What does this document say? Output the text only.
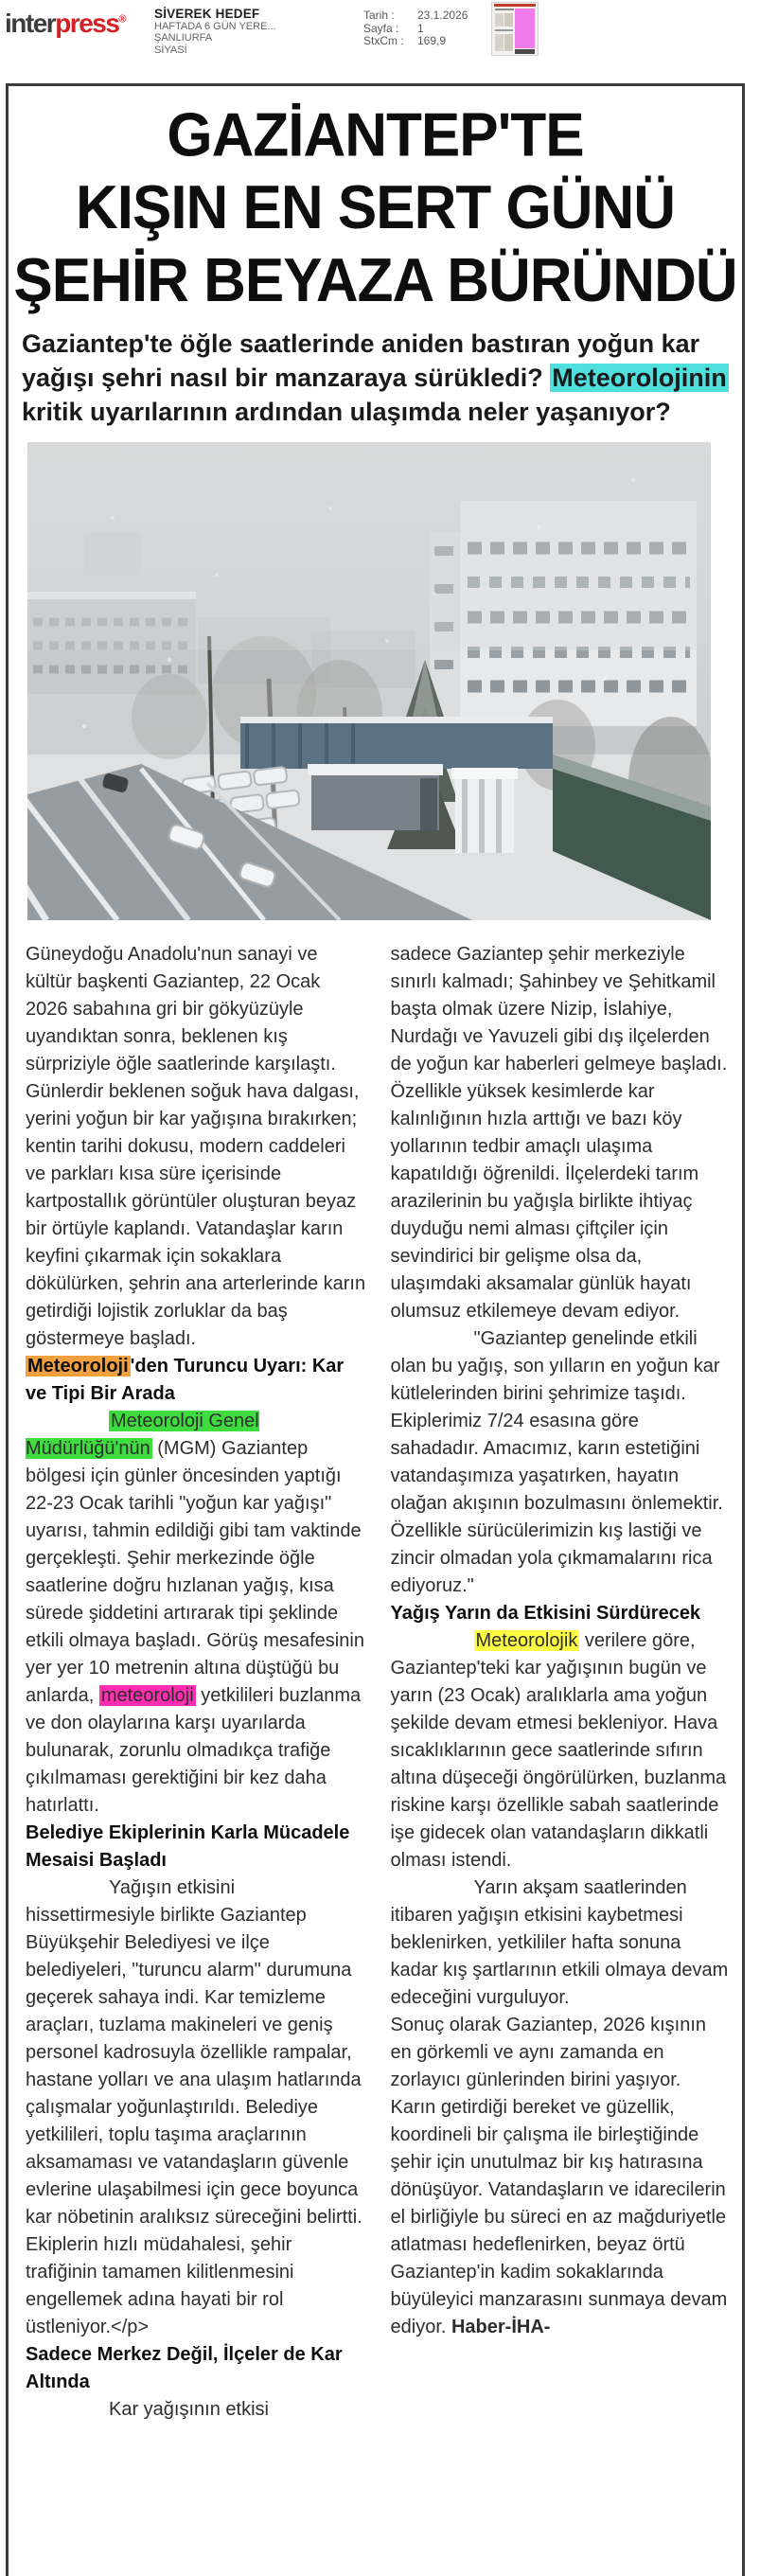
interpress® SİVEREK HEDEF
HAFTADA 6 GÜN YERE...
ŞANLIURFA
SİYASİ
Tarih :	23.1.2026
Sayfa :	1
StxCm :	169,9
GAZİANTEP'TE
KIŞIN EN SERT GÜNÜ
ŞEHİR BEYAZA BÜRÜNDÜ
Gaziantep'te öğle saatlerinde aniden bastıran yoğun kar yağışı şehri nasıl bir manzaraya sürükledi? Meteorolojinin kritik uyarılarının ardından ulaşımda neler yaşanıyor?
Güneydoğu Anadolu'nun sanayi ve kültür başkenti Gaziantep, 22 Ocak 2026 sabahına gri bir gökyüzüyle uyandıktan sonra, beklenen kış sürpriziyle öğle saatlerinde karşılaştı. Günlerdir beklenen soğuk hava dalgası, yerini yoğun bir kar yağışına bırakırken; kentin tarihi dokusu, modern caddeleri ve parkları kısa süre içerisinde kartpostallık görüntüler oluşturan beyaz bir örtüyle kaplandı. Vatandaşlar karın keyfini çıkarmak için sokaklara dökülürken, şehrin ana arterlerinde karın getirdiği lojistik zorluklar da baş göstermeye başladı.
Meteoroloji 'den Turuncu Uyarı: Kar ve Tipi Bir Arada
Meteoroloji Genel Müdürlüğü'nün (MGM) Gaziantep bölgesi için günler öncesinden yaptığı 22-23 Ocak tarihli "yoğun kar yağışı" uyarısı, tahmin edildiği gibi tam vaktinde gerçekleşti. Şehir merkezinde öğle saatlerine doğru hızlanan yağış, kısa sürede şiddetini artırarak tipi şeklinde etkili olmaya başladı. Görüş mesafesinin yer yer 10 metrenin altına düştüğü bu anlarda, meteoroloji yetkilileri buzlanma ve don olaylarına karşı uyarılarda bulunarak, zorunlu olmadıkça trafiğe çıkılmaması gerektiğini bir kez daha hatırlattı.
Belediye Ekiplerinin Karla Mücadele Mesaisi Başladı
Yağışın etkisini hissettirmesiyle birlikte Gaziantep Büyükşehir Belediyesi ve ilçe belediyeleri, "turuncu alarm" durumuna geçerek sahaya indi. Kar temizleme araçları, tuzlama makineleri ve geniş personel kadrosuyla özellikle rampalar, hastane yolları ve ana ulaşım hatlarında çalışmalar yoğunlaştırıldı. Belediye yetkilileri, toplu taşıma araçlarının aksamaması ve vatandaşların güvenle evlerine ulaşabilmesi için gece boyunca kar nöbetinin aralıksız süreceğini belirtti. Ekiplerin hızlı müdahalesi, şehir trafiğinin tamamen kilitlenmesini engellemek adına hayati bir rol üstleniyor.</p>
Sadece Merkez Değil, İlçeler de Kar Altında
Kar yağışının etkisi
sadece Gaziantep şehir merkeziyle sınırlı kalmadı; Şahinbey ve Şehitkamil başta olmak üzere Nizip, İslahiye, Nurdağı ve Yavuzeli gibi dış ilçelerden de yoğun kar haberleri gelmeye başladı. Özellikle yüksek kesimlerde kar kalınlığının hızla arttığı ve bazı köy yollarının tedbir amaçlı ulaşıma kapatıldığı öğrenildi. İlçelerdeki tarım arazilerinin bu yağışla birlikte ihtiyaç duyduğu nemi alması çiftçiler için sevindirici bir gelişme olsa da, ulaşımdaki aksamalar günlük hayatı olumsuz etkilemeye devam ediyor.
"Gaziantep genelinde etkili olan bu yağış, son yılların en yoğun kar kütlelerinden birini şehrimize taşıdı. Ekiplerimiz 7/24 esasına göre sahadadır. Amacımız, karın estetiğini vatandaşımıza yaşatırken, hayatın olağan akışının bozulmasını önlemektir. Özellikle sürücülerimizin kış lastiği ve zincir olmadan yola çıkmamalarını rica ediyoruz."
Yağış Yarın da Etkisini Sürdürecek
Meteorolojik verilere göre, Gaziantep'teki kar yağışının bugün ve yarın (23 Ocak) aralıklarla ama yoğun şekilde devam etmesi bekleniyor. Hava sıcaklıklarının gece saatlerinde sıfırın altına düşeceği öngörülürken, buzlanma riskine karşı özellikle sabah saatlerinde işe gidecek olan vatandaşların dikkatli olması istendi.
Yarın akşam saatlerinden itibaren yağışın etkisini kaybetmesi beklenirken, yetkililer hafta sonuna kadar kış şartlarının etkili olmaya devam edeceğini vurguluyor.
Sonuç olarak Gaziantep, 2026 kışının en görkemli ve aynı zamanda en zorlayıcı günlerinden birini yaşıyor. Karın getirdiği bereket ve güzellik, koordineli bir çalışma ile birleştiğinde şehir için unutulmaz bir kış hatırasına dönüşüyor. Vatandaşların ve idarecilerin el birliğiyle bu süreci en az mağduriyetle atlatması hedeflenirken, beyaz örtü Gaziantep'in kadim sokaklarında büyüleyici manzarasını sunmaya devam ediyor. Haber-İHA-
